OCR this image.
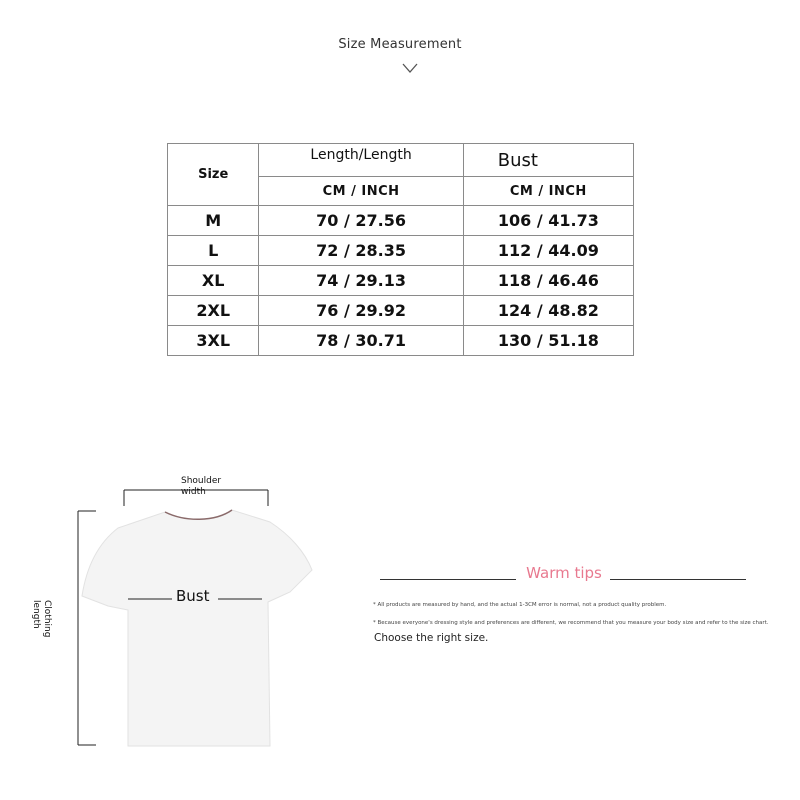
Size Measurement
Size	Length/Length	Bust
	CM / INCH	CM / INCH
M	70 / 27.56	106 / 41.73
L	72 / 28.35	112 / 44.09
XL	74 / 29.13	118 / 46.46
2XL	76 / 29.92	124 / 48.82
3XL	78 / 30.71	130 / 51.18
Shoulder width
Bust
Clothing length
Warm tips
* All products are measured by hand, and the actual 1-3CM error is normal, not a product quality problem.
* Because everyone's dressing style and preferences are different, we recommend that you measure your body size and refer to the size chart.
Choose the right size.
